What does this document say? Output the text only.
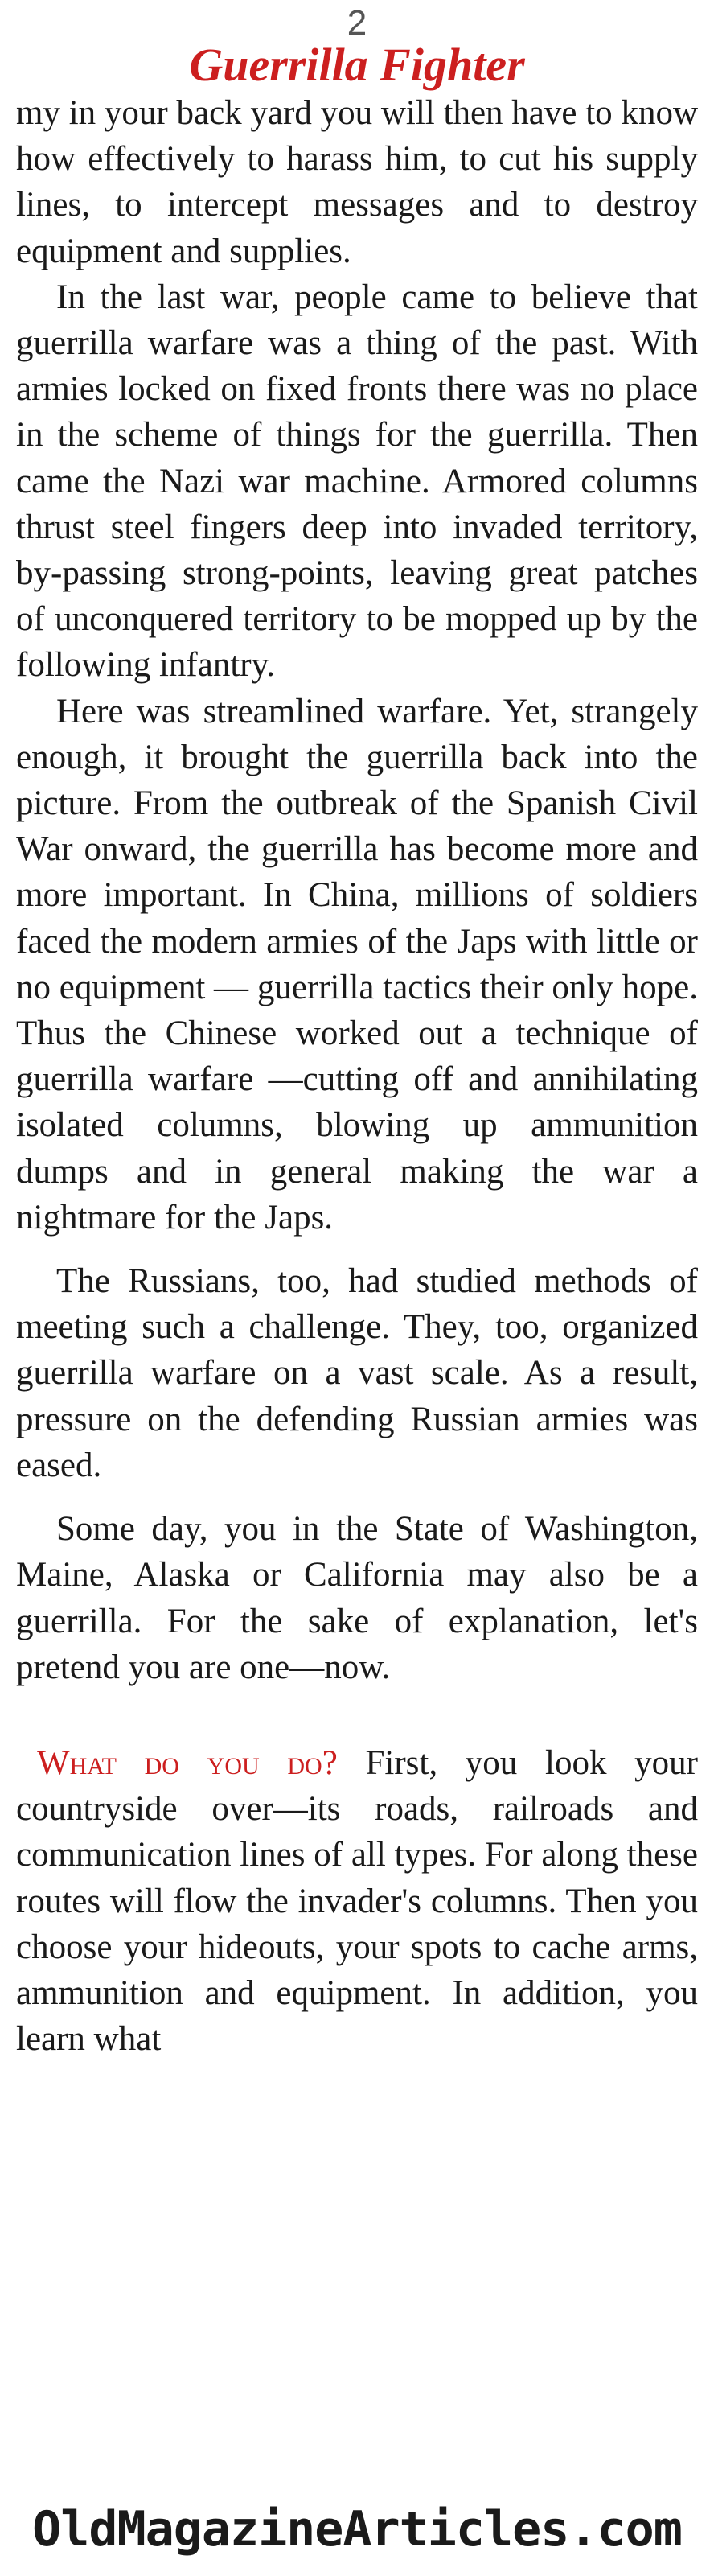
2
Guerrilla Fighter

my in your back yard you will then have to know how effectively to harass him, to cut his supply lines, to intercept messages and to destroy equipment and supplies.

In the last war, people came to believe that guerrilla warfare was a thing of the past. With armies locked on fixed fronts there was no place in the scheme of things for the guerrilla. Then came the Nazi war machine. Armored columns thrust steel fingers deep into invaded territory, by-passing strong-points, leaving great patches of unconquered territory to be mopped up by the following infantry.

Here was streamlined warfare. Yet, strangely enough, it brought the guerrilla back into the picture. From the outbreak of the Spanish Civil War onward, the guerrilla has become more and more important. In China, millions of soldiers faced the modern armies of the Japs with little or no equipment — guerrilla tactics their only hope. Thus the Chinese worked out a technique of guerrilla warfare —cutting off and annihilating isolated columns, blowing up ammunition dumps and in general making the war a nightmare for the Japs.

The Russians, too, had studied methods of meeting such a challenge. They, too, organized guerrilla warfare on a vast scale. As a result, pressure on the defending Russian armies was eased.

Some day, you in the State of Washington, Maine, Alaska or California may also be a guerrilla. For the sake of explanation, let's pretend you are one—now.

What do you do? First, you look your countryside over—its roads, railroads and communication lines of all types. For along these routes will flow the invader's columns. Then you choose your hideouts, your spots to cache arms, ammunition and equipment. In addition, you learn what

OldMagazineArticles.com
